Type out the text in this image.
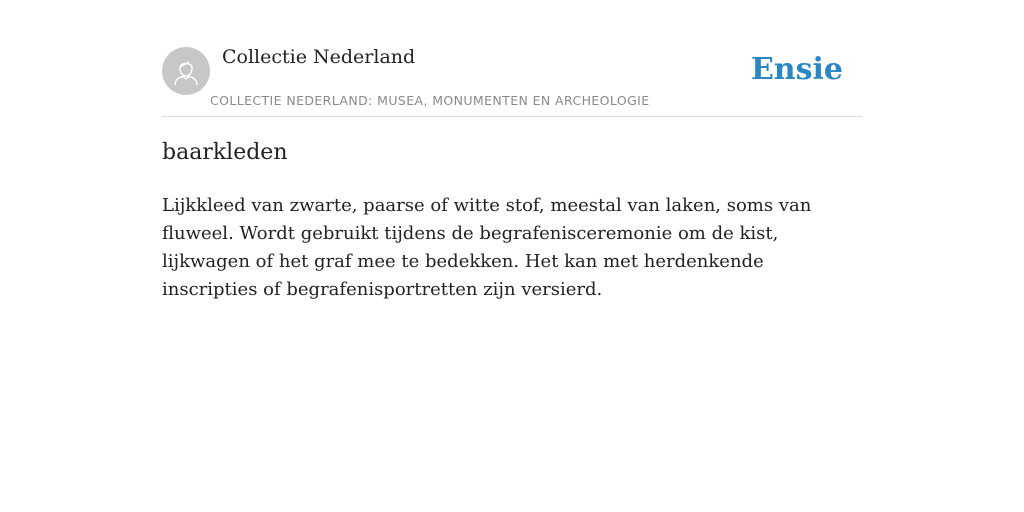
Collectie Nederland
COLLECTIE NEDERLAND: MUSEA, MONUMENTEN EN ARCHEOLOGIE
Ensie
baarkleden

Lijkkleed van zwarte, paarse of witte stof, meestal van laken, soms van fluweel. Wordt gebruikt tijdens de begrafenisceremonie om de kist, lijkwagen of het graf mee te bedekken. Het kan met herdenkende inscripties of begrafenisportretten zijn versierd.
